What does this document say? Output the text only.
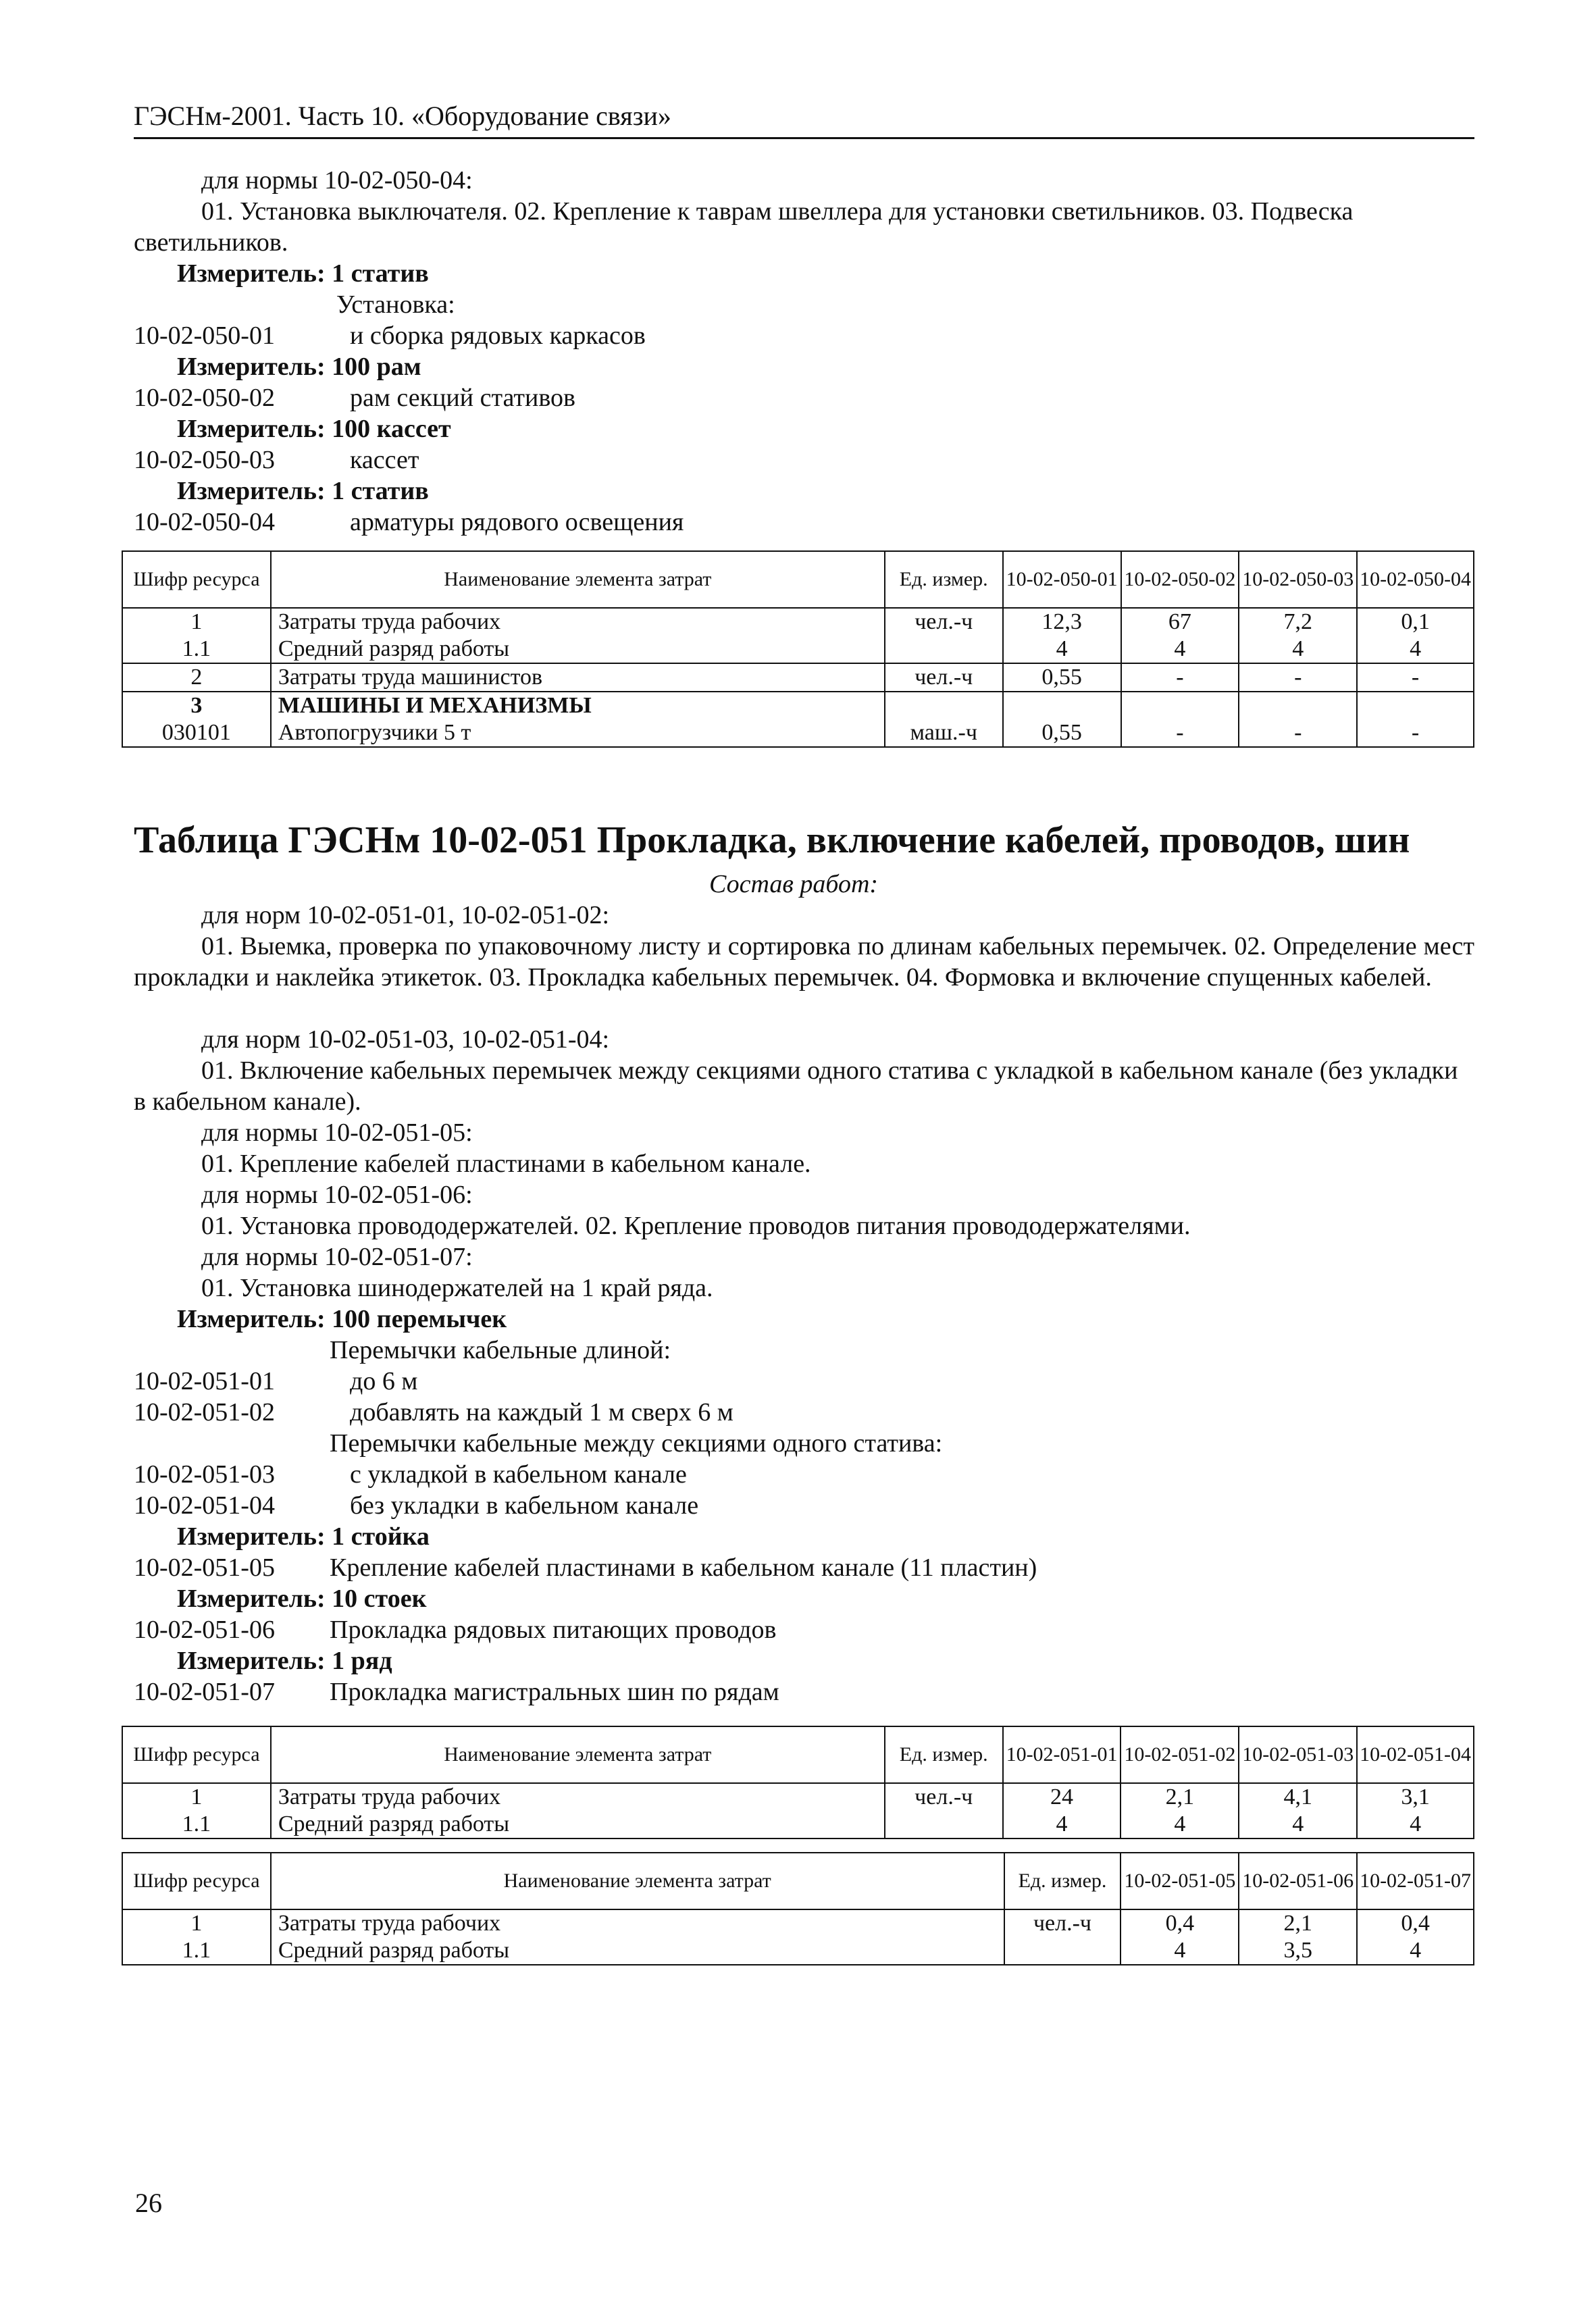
ГЭСНм-2001. Часть 10. «Оборудование связи»
для нормы 10-02-050-04:
01. Установка выключателя. 02. Крепление к таврам швеллера для установки светильников. 03. Подвеска светильников.
Измеритель: 1 статив
Установка:
10-02-050-01	и сборка рядовых каркасов
Измеритель: 100 рам
10-02-050-02	рам секций стативов
Измеритель: 100 кассет
10-02-050-03	кассет
Измеритель: 1 статив
10-02-050-04	арматуры рядового освещения
Шифр ресурса	Наименование элемента затрат	Ед. измер.	10-02-050-01	10-02-050-02	10-02-050-03	10-02-050-04
1	Затраты труда рабочих	чел.-ч	12,3	67	7,2	0,1
1.1	Средний разряд работы		4	4	4	4
2	Затраты труда машинистов	чел.-ч	0,55	-	-	-
3	МАШИНЫ И МЕХАНИЗМЫ					
030101	Автопогрузчики 5 т	маш.-ч	0,55	-	-	-
Таблица ГЭСНм 10-02-051 Прокладка, включение кабелей, проводов, шин
Состав работ:
для норм 10-02-051-01, 10-02-051-02:
01. Выемка, проверка по упаковочному листу и сортировка по длинам кабельных перемычек. 02. Определение мест прокладки и наклейка этикеток. 03. Прокладка кабельных перемычек. 04. Формовка и включение спущенных кабелей.
для норм 10-02-051-03, 10-02-051-04:
01. Включение кабельных перемычек между секциями одного статива с укладкой в кабельном канале (без укладки в кабельном канале).
для нормы 10-02-051-05:
01. Крепление кабелей пластинами в кабельном канале.
для нормы 10-02-051-06:
01. Установка провододержателей. 02. Крепление проводов питания провододержателями.
для нормы 10-02-051-07:
01. Установка шинодержателей на 1 край ряда.
Измеритель: 100 перемычек
Перемычки кабельные длиной:
10-02-051-01	до 6 м
10-02-051-02	добавлять на каждый 1 м сверх 6 м
Перемычки кабельные между секциями одного статива:
10-02-051-03	с укладкой в кабельном канале
10-02-051-04	без укладки в кабельном канале
Измеритель: 1 стойка
10-02-051-05 Крепление кабелей пластинами в кабельном канале (11 пластин)
Измеритель: 10 стоек
10-02-051-06 Прокладка рядовых питающих проводов
Измеритель: 1 ряд
10-02-051-07 Прокладка магистральных шин по рядам
Шифр ресурса	Наименование элемента затрат	Ед. измер.	10-02-051-01	10-02-051-02	10-02-051-03	10-02-051-04
1	Затраты труда рабочих	чел.-ч	24	2,1	4,1	3,1
1.1	Средний разряд работы		4	4	4	4
Шифр ресурса	Наименование элемента затрат	Ед. измер.	10-02-051-05	10-02-051-06	10-02-051-07
1	Затраты труда рабочих	чел.-ч	0,4	2,1	0,4
1.1	Средний разряд работы		4	3,5	4
26
